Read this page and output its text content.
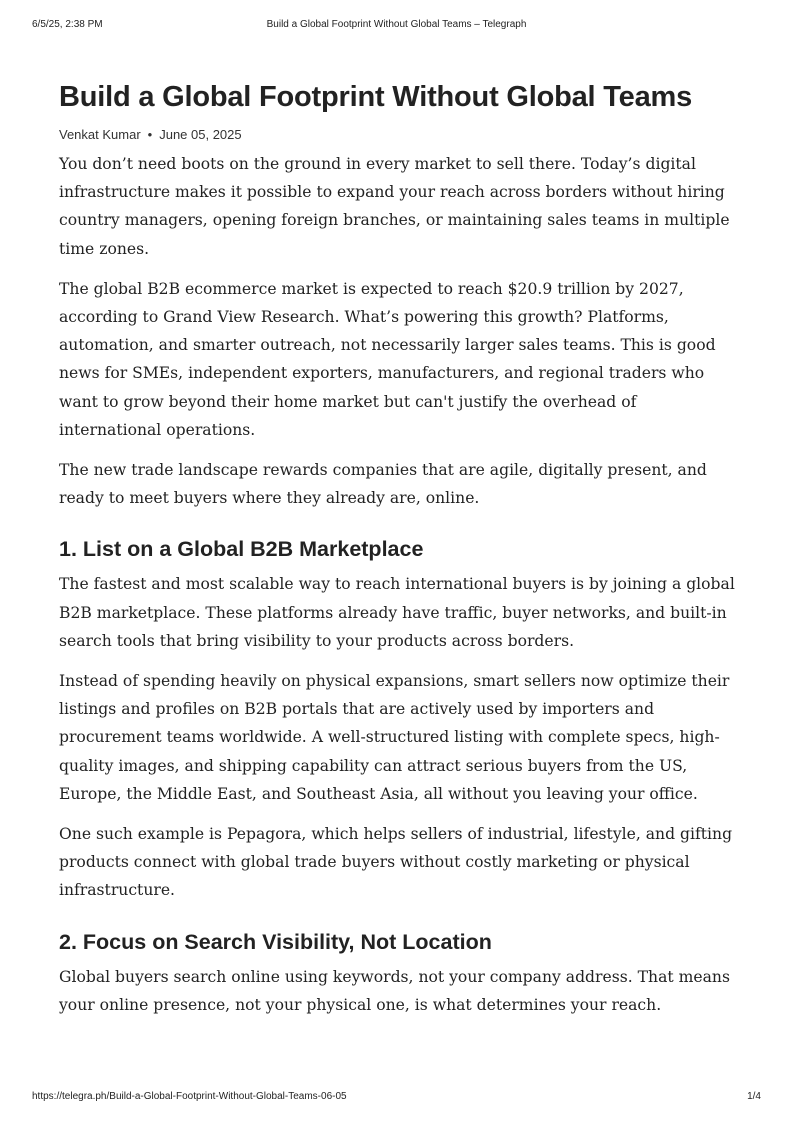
6/5/25, 2:38 PM	Build a Global Footprint Without Global Teams – Telegraph
Build a Global Footprint Without Global Teams
Venkat Kumar • June 05, 2025

You don’t need boots on the ground in every market to sell there. Today’s digital infrastructure makes it possible to expand your reach across borders without hiring country managers, opening foreign branches, or maintaining sales teams in multiple time zones.

The global B2B ecommerce market is expected to reach $20.9 trillion by 2027, according to Grand View Research. What’s powering this growth? Platforms, automation, and smarter outreach, not necessarily larger sales teams. This is good news for SMEs, independent exporters, manufacturers, and regional traders who want to grow beyond their home market but can't justify the overhead of international operations.

The new trade landscape rewards companies that are agile, digitally present, and ready to meet buyers where they already are, online.

1. List on a Global B2B Marketplace

The fastest and most scalable way to reach international buyers is by joining a global B2B marketplace. These platforms already have traffic, buyer networks, and built-in search tools that bring visibility to your products across borders.

Instead of spending heavily on physical expansions, smart sellers now optimize their listings and profiles on B2B portals that are actively used by importers and procurement teams worldwide. A well-structured listing with complete specs, high-quality images, and shipping capability can attract serious buyers from the US, Europe, the Middle East, and Southeast Asia, all without you leaving your office.

One such example is Pepagora, which helps sellers of industrial, lifestyle, and gifting products connect with global trade buyers without costly marketing or physical infrastructure.

2. Focus on Search Visibility, Not Location

Global buyers search online using keywords, not your company address. That means your online presence, not your physical one, is what determines your reach.

https://telegra.ph/Build-a-Global-Footprint-Without-Global-Teams-06-05	1/4
